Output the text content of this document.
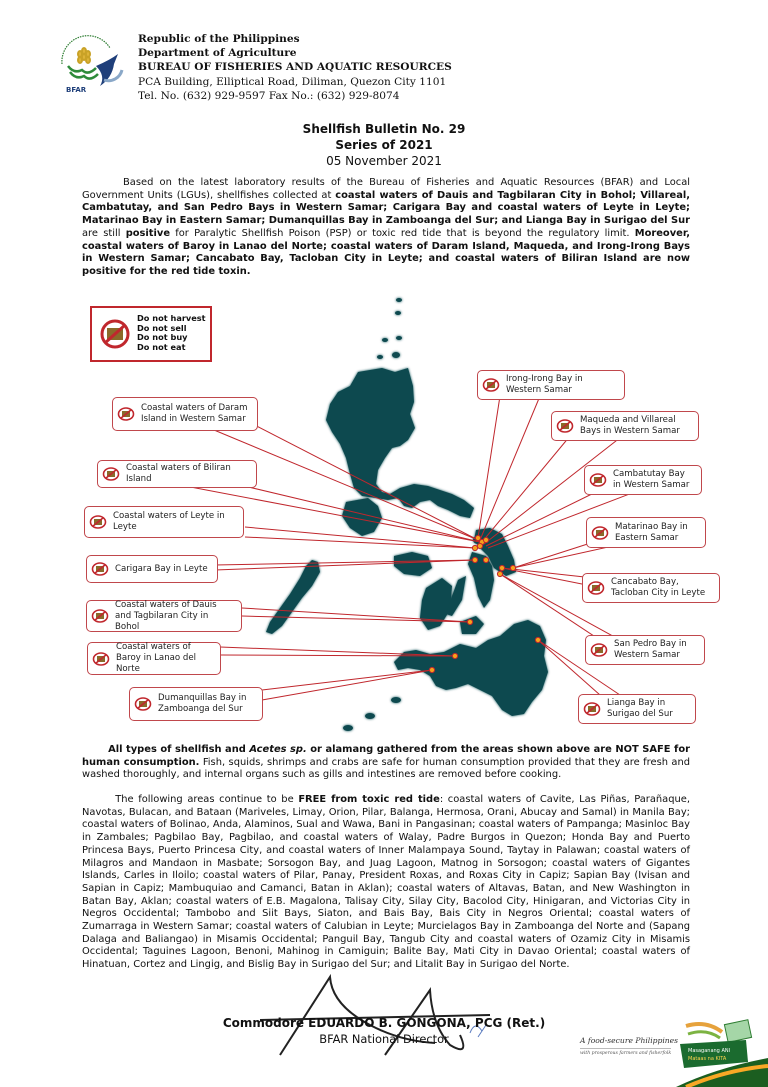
BFAR
Republic of the Philippines
Department of Agriculture
BUREAU OF FISHERIES AND AQUATIC RESOURCES
PCA Building, Elliptical Road, Diliman, Quezon City 1101
Tel. No. (632) 929-9597 Fax No.: (632) 929-8074
Shellfish Bulletin No. 29
Series of 2021
05 November 2021
Based on the latest laboratory results of the Bureau of Fisheries and Aquatic Resources (BFAR) and Local Government Units (LGUs), shellfishes collected at coastal waters of Dauis and Tagbilaran City in Bohol; Villareal, Cambatutay, and San Pedro Bays in Western Samar; Carigara Bay and coastal waters of Leyte in Leyte; Matarinao Bay in Eastern Samar; Dumanquillas Bay in Zamboanga del Sur; and Lianga Bay in Surigao del Sur are still positive for Paralytic Shellfish Poison (PSP) or toxic red tide that is beyond the regulatory limit. Moreover, coastal waters of Baroy in Lanao del Norte; coastal waters of Daram Island, Maqueda, and Irong-Irong Bays in Western Samar; Cancabato Bay, Tacloban City in Leyte; and coastal waters of Biliran Island are now positive for the red tide toxin.
Do not harvest
Do not sell
Do not buy
Do not eat
Coastal waters of Daram Island in Western Samar
Coastal waters of Biliran Island
Coastal waters of Leyte in Leyte
Carigara Bay in Leyte
Coastal waters of Dauis and Tagbilaran City in Bohol
Coastal waters of Baroy in Lanao del Norte
Dumanquillas Bay in Zamboanga del Sur
Irong-Irong Bay in Western Samar
Maqueda and Villareal Bays in Western Samar
Cambatutay Bay in Western Samar
Matarinao Bay in Eastern Samar
Cancabato Bay, Tacloban City in Leyte
San Pedro Bay in Western Samar
Lianga Bay in Surigao del Sur
All types of shellfish and Acetes sp. or alamang gathered from the areas shown above are NOT SAFE for human consumption. Fish, squids, shrimps and crabs are safe for human consumption provided that they are fresh and washed thoroughly, and internal organs such as gills and intestines are removed before cooking.
The following areas continue to be FREE from toxic red tide: coastal waters of Cavite, Las Piñas, Parañaque, Navotas, Bulacan, and Bataan (Mariveles, Limay, Orion, Pilar, Balanga, Hermosa, Orani, Abucay and Samal) in Manila Bay; coastal waters of Bolinao, Anda, Alaminos, Sual and Wawa, Bani in Pangasinan; coastal waters of Pampanga; Masinloc Bay in Zambales; Pagbilao Bay, Pagbilao, and coastal waters of Walay, Padre Burgos in Quezon; Honda Bay and Puerto Princesa Bays, Puerto Princesa City, and coastal waters of Inner Malampaya Sound, Taytay in Palawan; coastal waters of Milagros and Mandaon in Masbate; Sorsogon Bay, and Juag Lagoon, Matnog in Sorsogon; coastal waters of Gigantes Islands, Carles in Iloilo; coastal waters of Pilar, Panay, President Roxas, and Roxas City in Capiz; Sapian Bay (Ivisan and Sapian in Capiz; Mambuquiao and Camanci, Batan in Aklan); coastal waters of Altavas, Batan, and New Washington in Batan Bay, Aklan; coastal waters of E.B. Magalona, Talisay City, Silay City, Bacolod City, Hinigaran, and Victorias City in Negros Occidental; Tambobo and Siit Bays, Siaton, and Bais Bay, Bais City in Negros Oriental; coastal waters of Zumarraga in Western Samar; coastal waters of Calubian in Leyte; Murcielagos Bay in Zamboanga del Norte and (Sapang Dalaga and Baliangao) in Misamis Occidental; Panguil Bay, Tangub City and coastal waters of Ozamiz City in Misamis Occidental; Taguines Lagoon, Benoni, Mahinog in Camiguin; Balite Bay, Mati City in Davao Oriental; coastal waters of Hinatuan, Cortez and Lingig, and Bislig Bay in Surigao del Sur; and Litalit Bay in Surigao del Norte.
Commodore EDUARDO B. GONGONA, PCG (Ret.)
BFAR National Director	A food-secure Philippines
with prosperous farmers and fisherfolk	Masaganang ANI
Mataas na KITA
